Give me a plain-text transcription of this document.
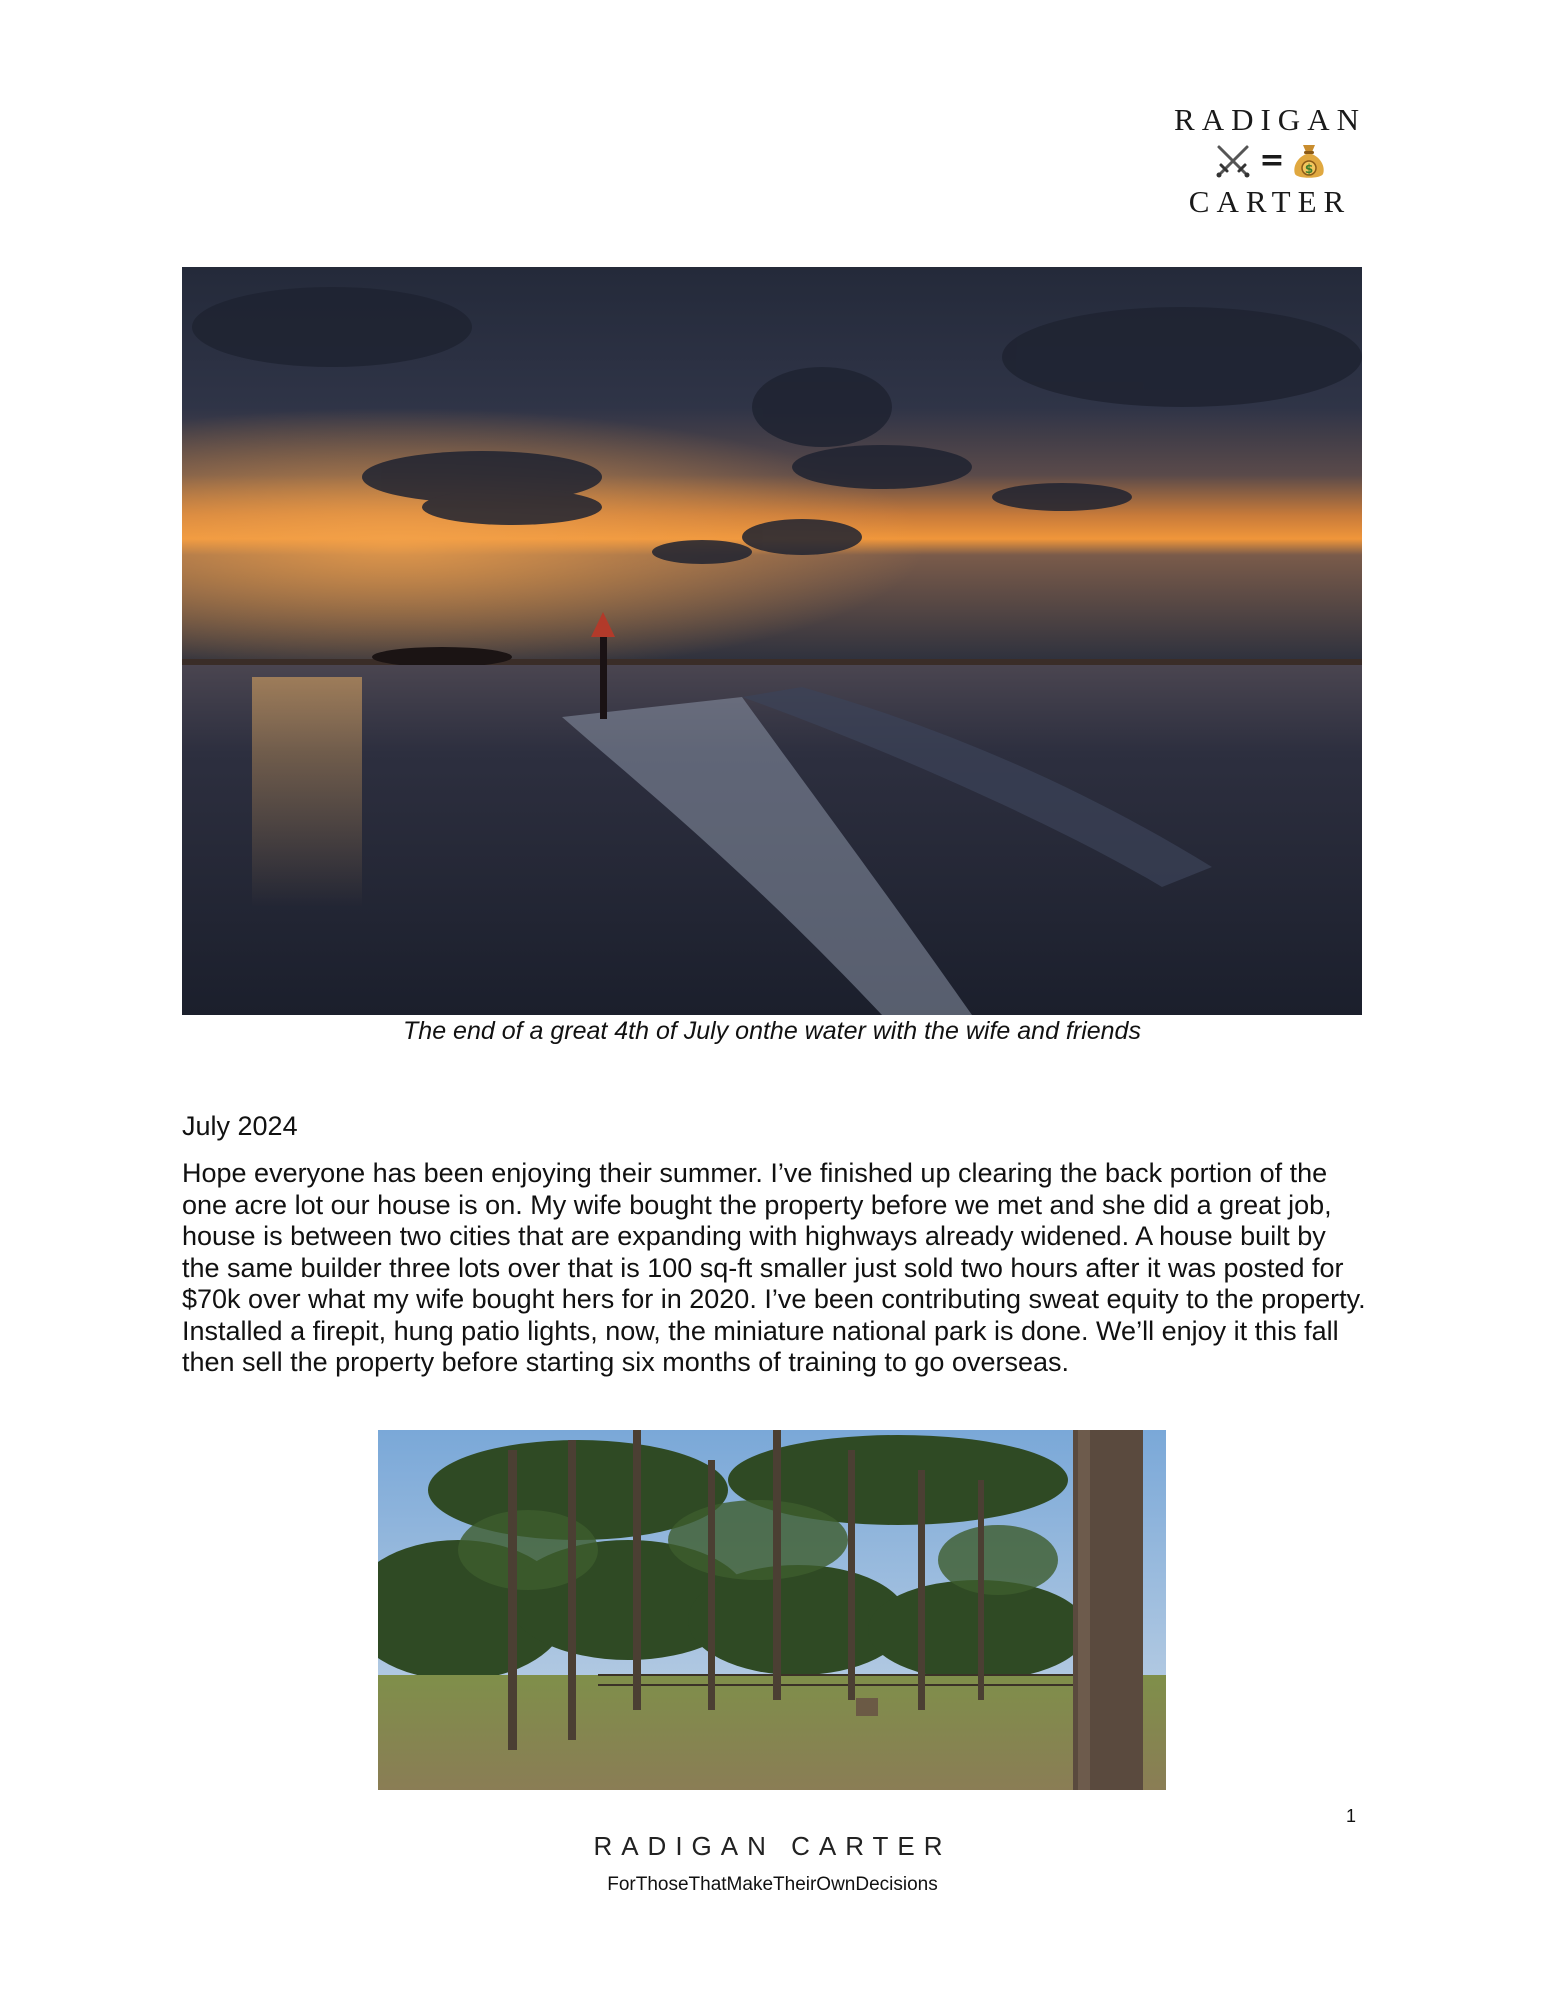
RADIGAN
= $
CARTER
The end of a great 4th of July onthe water with the wife and friends
July 2024

Hope everyone has been enjoying their summer. I’ve finished up clearing the back portion of the one acre lot our house is on. My wife bought the property before we met and she did a great job, house is between two cities that are expanding with highways already widened. A house built by the same builder three lots over that is 100 sq-ft smaller just sold two hours after it was posted for $70k over what my wife bought hers for in 2020. I’ve been contributing sweat equity to the property. Installed a firepit, hung patio lights, now, the miniature national park is done. We’ll enjoy it this fall then sell the property before starting six months of training to go overseas.

1
RADIGAN CARTER
ForThoseThatMakeTheirOwnDecisions
